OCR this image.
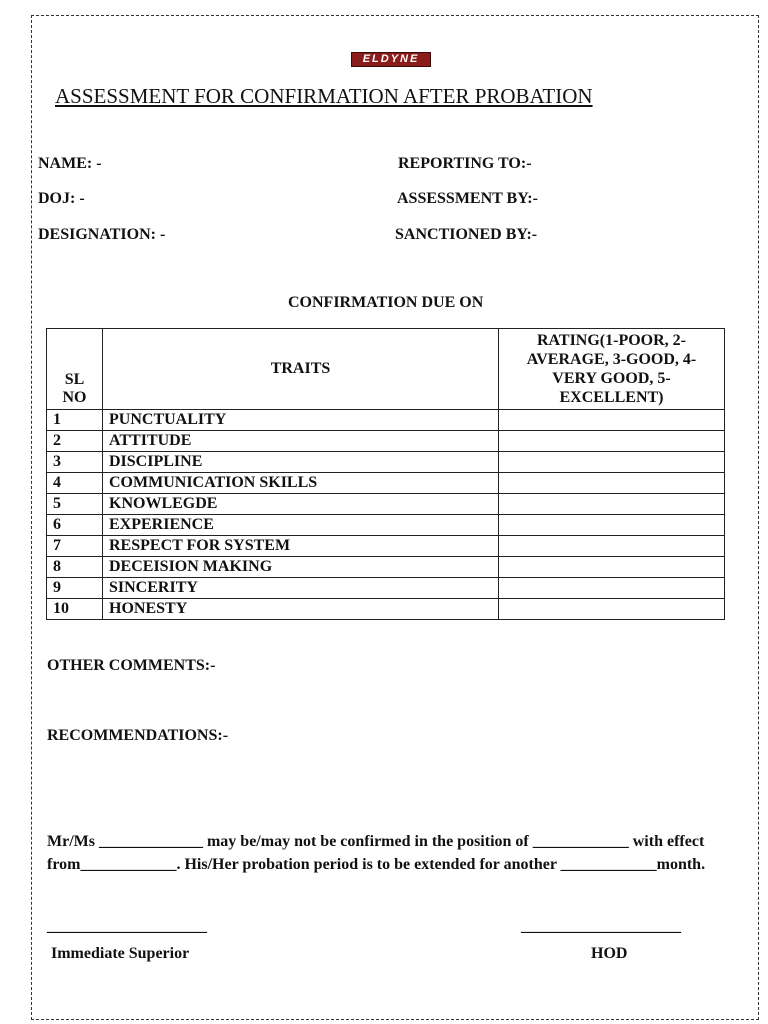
ELDYNE
ASSESSMENT FOR CONFIRMATION AFTER PROBATION
NAME: -	REPORTING TO:-
DOJ: -	ASSESSMENT BY:-
DESIGNATION: -	SANCTIONED BY:-
CONFIRMATION DUE ON
SL
NO	TRAITS	RATING(1-POOR, 2-AVERAGE, 3-GOOD, 4-VERY GOOD, 5-EXCELLENT)
1	PUNCTUALITY	
2	ATTITUDE	
3	DISCIPLINE	
4	COMMUNICATION SKILLS	
5	KNOWLEGDE	
6	EXPERIENCE	
7	RESPECT FOR SYSTEM	
8	DECEISION MAKING	
9	SINCERITY	
10	HONESTY	
OTHER COMMENTS:-
RECOMMENDATIONS:-
Mr/Ms _____________ may be/may not be confirmed in the position of ____________ with effect from____________. His/Her probation period is to be extended for another ____________month.
____________________	____________________
Immediate Superior	HOD
